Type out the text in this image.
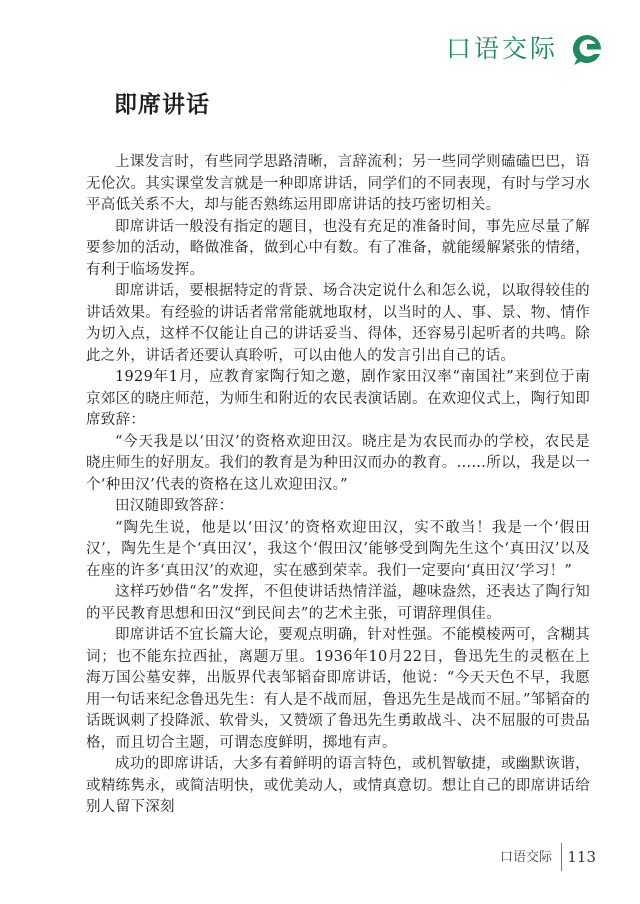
口语交际
即席讲话

上课发言时，有些同学思路清晰，言辞流利；另一些同学则磕磕巴巴，语无伦次。其实课堂发言就是一种即席讲话，同学们的不同表现，有时与学习水平高低关系不大，却与能否熟练运用即席讲话的技巧密切相关。

即席讲话一般没有指定的题目，也没有充足的准备时间，事先应尽量了解要参加的活动，略做准备，做到心中有数。有了准备，就能缓解紧张的情绪，有利于临场发挥。

即席讲话，要根据特定的背景、场合决定说什么和怎么说，以取得较佳的讲话效果。有经验的讲话者常常能就地取材，以当时的人、事、景、物、情作为切入点，这样不仅能让自己的讲话妥当、得体，还容易引起听者的共鸣。除此之外，讲话者还要认真聆听，可以由他人的发言引出自己的话。

1929年1月，应教育家陶行知之邀，剧作家田汉率“南国社”来到位于南京郊区的晓庄师范，为师生和附近的农民表演话剧。在欢迎仪式上，陶行知即席致辞：

“今天我是以‘田汉’的资格欢迎田汉。晓庄是为农民而办的学校，农民是晓庄师生的好朋友。我们的教育是为种田汉而办的教育。……所以，我是以一个‘种田汉’代表的资格在这儿欢迎田汉。”

田汉随即致答辞：

“陶先生说，他是以‘田汉’的资格欢迎田汉，实不敢当！我是一个‘假田汉’，陶先生是个‘真田汉’，我这个‘假田汉’能够受到陶先生这个‘真田汉’以及在座的许多‘真田汉’的欢迎，实在感到荣幸。我们一定要向‘真田汉’学习！”

这样巧妙借“名”发挥，不但使讲话热情洋溢，趣味盎然，还表达了陶行知的平民教育思想和田汉“到民间去”的艺术主张，可谓辞理俱佳。

即席讲话不宜长篇大论，要观点明确，针对性强。不能模棱两可，含糊其词；也不能东拉西扯，离题万里。1936年10月22日，鲁迅先生的灵柩在上海万国公墓安葬，出版界代表邹韬奋即席讲话，他说：“今天天色不早，我愿用一句话来纪念鲁迅先生：有人是不战而屈，鲁迅先生是战而不屈。”邹韬奋的话既讽刺了投降派、软骨头，又赞颂了鲁迅先生勇敢战斗、决不屈服的可贵品格，而且切合主题，可谓态度鲜明，掷地有声。

成功的即席讲话，大多有着鲜明的语言特色，或机智敏捷，或幽默诙谐，或精练隽永，或简洁明快，或优美动人，或情真意切。想让自己的即席讲话给别人留下深刻

口语交际 113
